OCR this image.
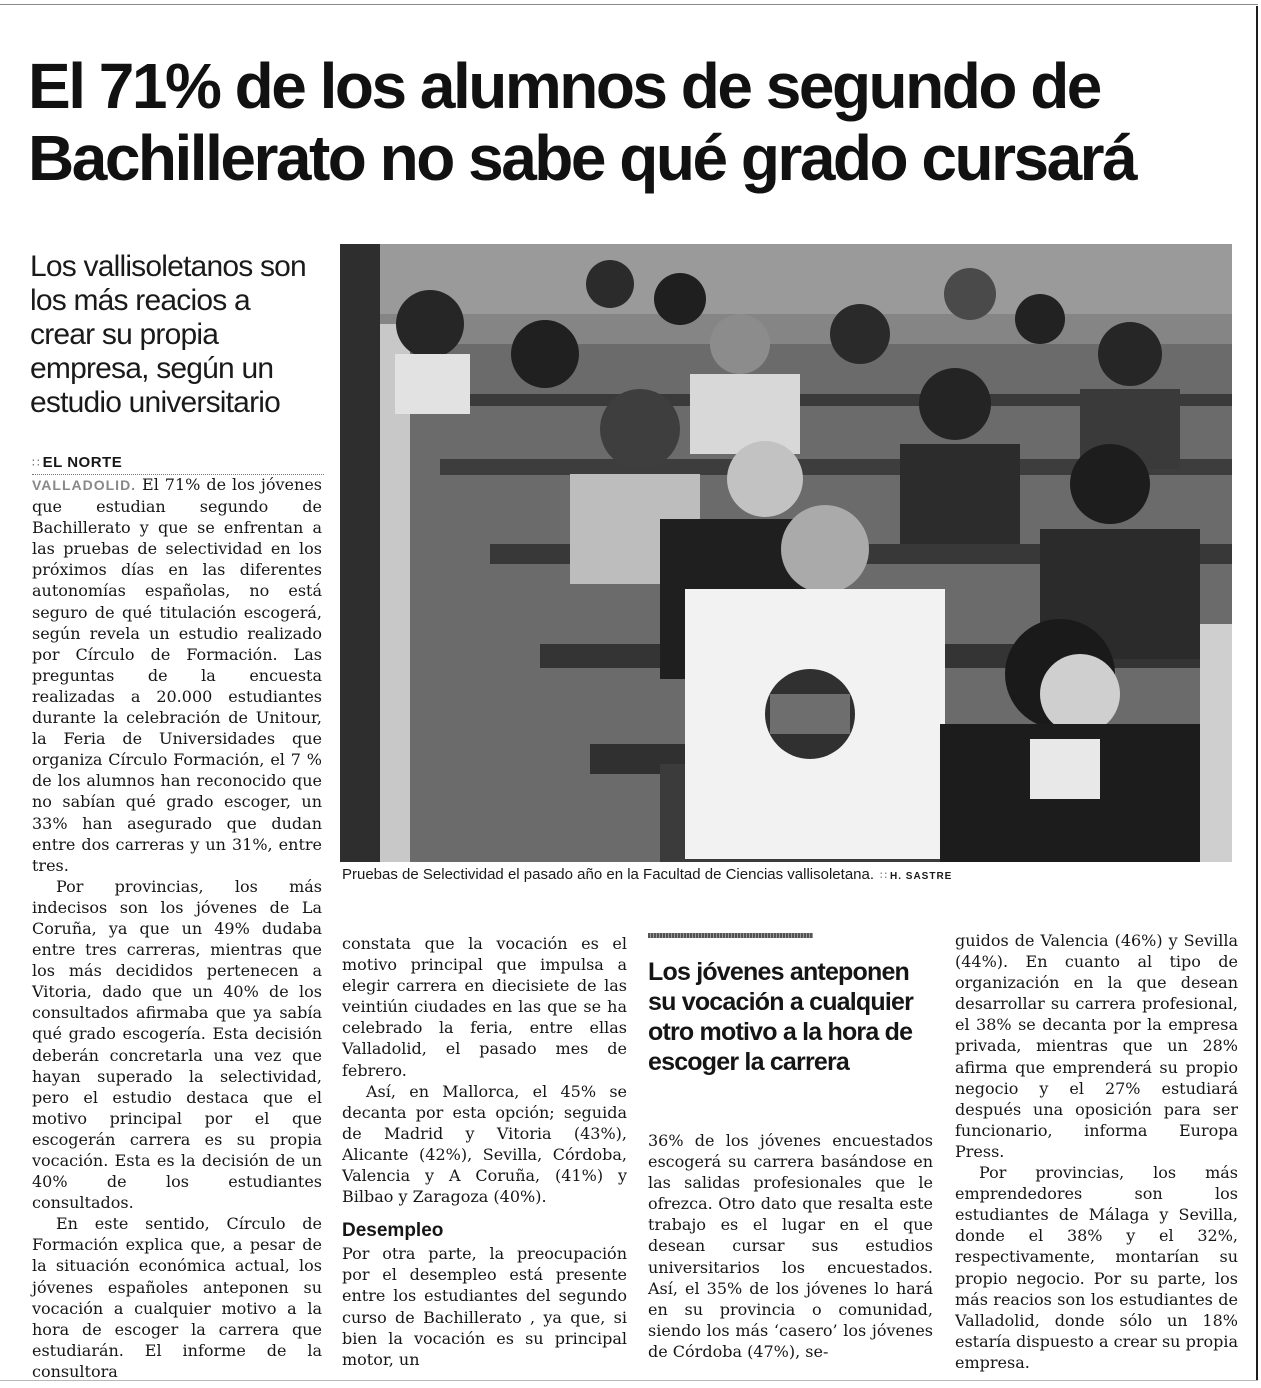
El 71% de los alumnos de segundo de Bachillerato no sabe qué grado cursará
Los vallisoletanos son los más reacios a crear su propia empresa, según un estudio universitario
∷ EL NORTE

VALLADOLID. El 71% de los jóvenes que estudian segundo de Bachillerato y que se enfrentan a las pruebas de selectividad en los próximos días en las diferentes autonomías españolas, no está seguro de qué titulación escogerá, según revela un estudio realizado por Círculo de Formación. Las preguntas de la encuesta realizadas a 20.000 estudiantes durante la celebración de Unitour, la Feria de Universidades que organiza Círculo Formación, el 7 % de los alumnos han reconocido que no sabían qué grado escoger, un 33% han asegurado que dudan entre dos carreras y un 31%, entre tres.

Por provincias, los más indecisos son los jóvenes de La Coruña, ya que un 49% dudaba entre tres carreras, mientras que los más decididos pertenecen a Vitoria, dado que un 40% de los consultados afirmaba que ya sabía qué grado escogería. Esta decisión deberán concretarla una vez que hayan superado la selectividad, pero el estudio destaca que el motivo principal por el que escogerán carrera es su propia vocación. Esta es la decisión de un 40% de los estudiantes consultados.

En este sentido, Círculo de Formación explica que, a pesar de la situación económica actual, los jóvenes españoles anteponen su vocación a cualquier motivo a la hora de escoger la carrera que estudiarán. El informe de la consultora

Pruebas de Selectividad el pasado año en la Facultad de Ciencias vallisoletana. ∷ H. SASTRE

constata que la vocación es el motivo principal que impulsa a elegir carrera en diecisiete de las veintiún ciudades en las que se ha celebrado la feria, entre ellas Valladolid, el pasado mes de febrero.

Así, en Mallorca, el 45% se decanta por esta opción; seguida de Madrid y Vitoria (43%), Alicante (42%), Sevilla, Córdoba, Valencia y A Coruña, (41%) y Bilbao y Zaragoza (40%).

Desempleo

Por otra parte, la preocupación por el desempleo está presente entre los estudiantes del segundo curso de Bachillerato , ya que, si bien la vocación es su principal motor, un

Los jóvenes anteponen su vocación a cualquier otro motivo a la hora de escoger la carrera

36% de los jóvenes encuestados escogerá su carrera basándose en las salidas profesionales que le ofrezca. Otro dato que resalta este trabajo es el lugar en el que desean cursar sus estudios universitarios los encuestados. Así, el 35% de los jóvenes lo hará en su provincia o comunidad, siendo los más ‘casero’ los jóvenes de Córdoba (47%), se-

guidos de Valencia (46%) y Sevilla (44%). En cuanto al tipo de organización en la que desean desarrollar su carrera profesional, el 38% se decanta por la empresa privada, mientras que un 28% afirma que emprenderá su propio negocio y el 27% estudiará después una oposición para ser funcionario, informa Europa Press.

Por provincias, los más emprendedores son los estudiantes de Málaga y Sevilla, donde el 38% y el 32%, respectivamente, montarían su propio negocio. Por su parte, los más reacios son los estudiantes de Valladolid, donde sólo un 18% estaría dispuesto a crear su propia empresa.
